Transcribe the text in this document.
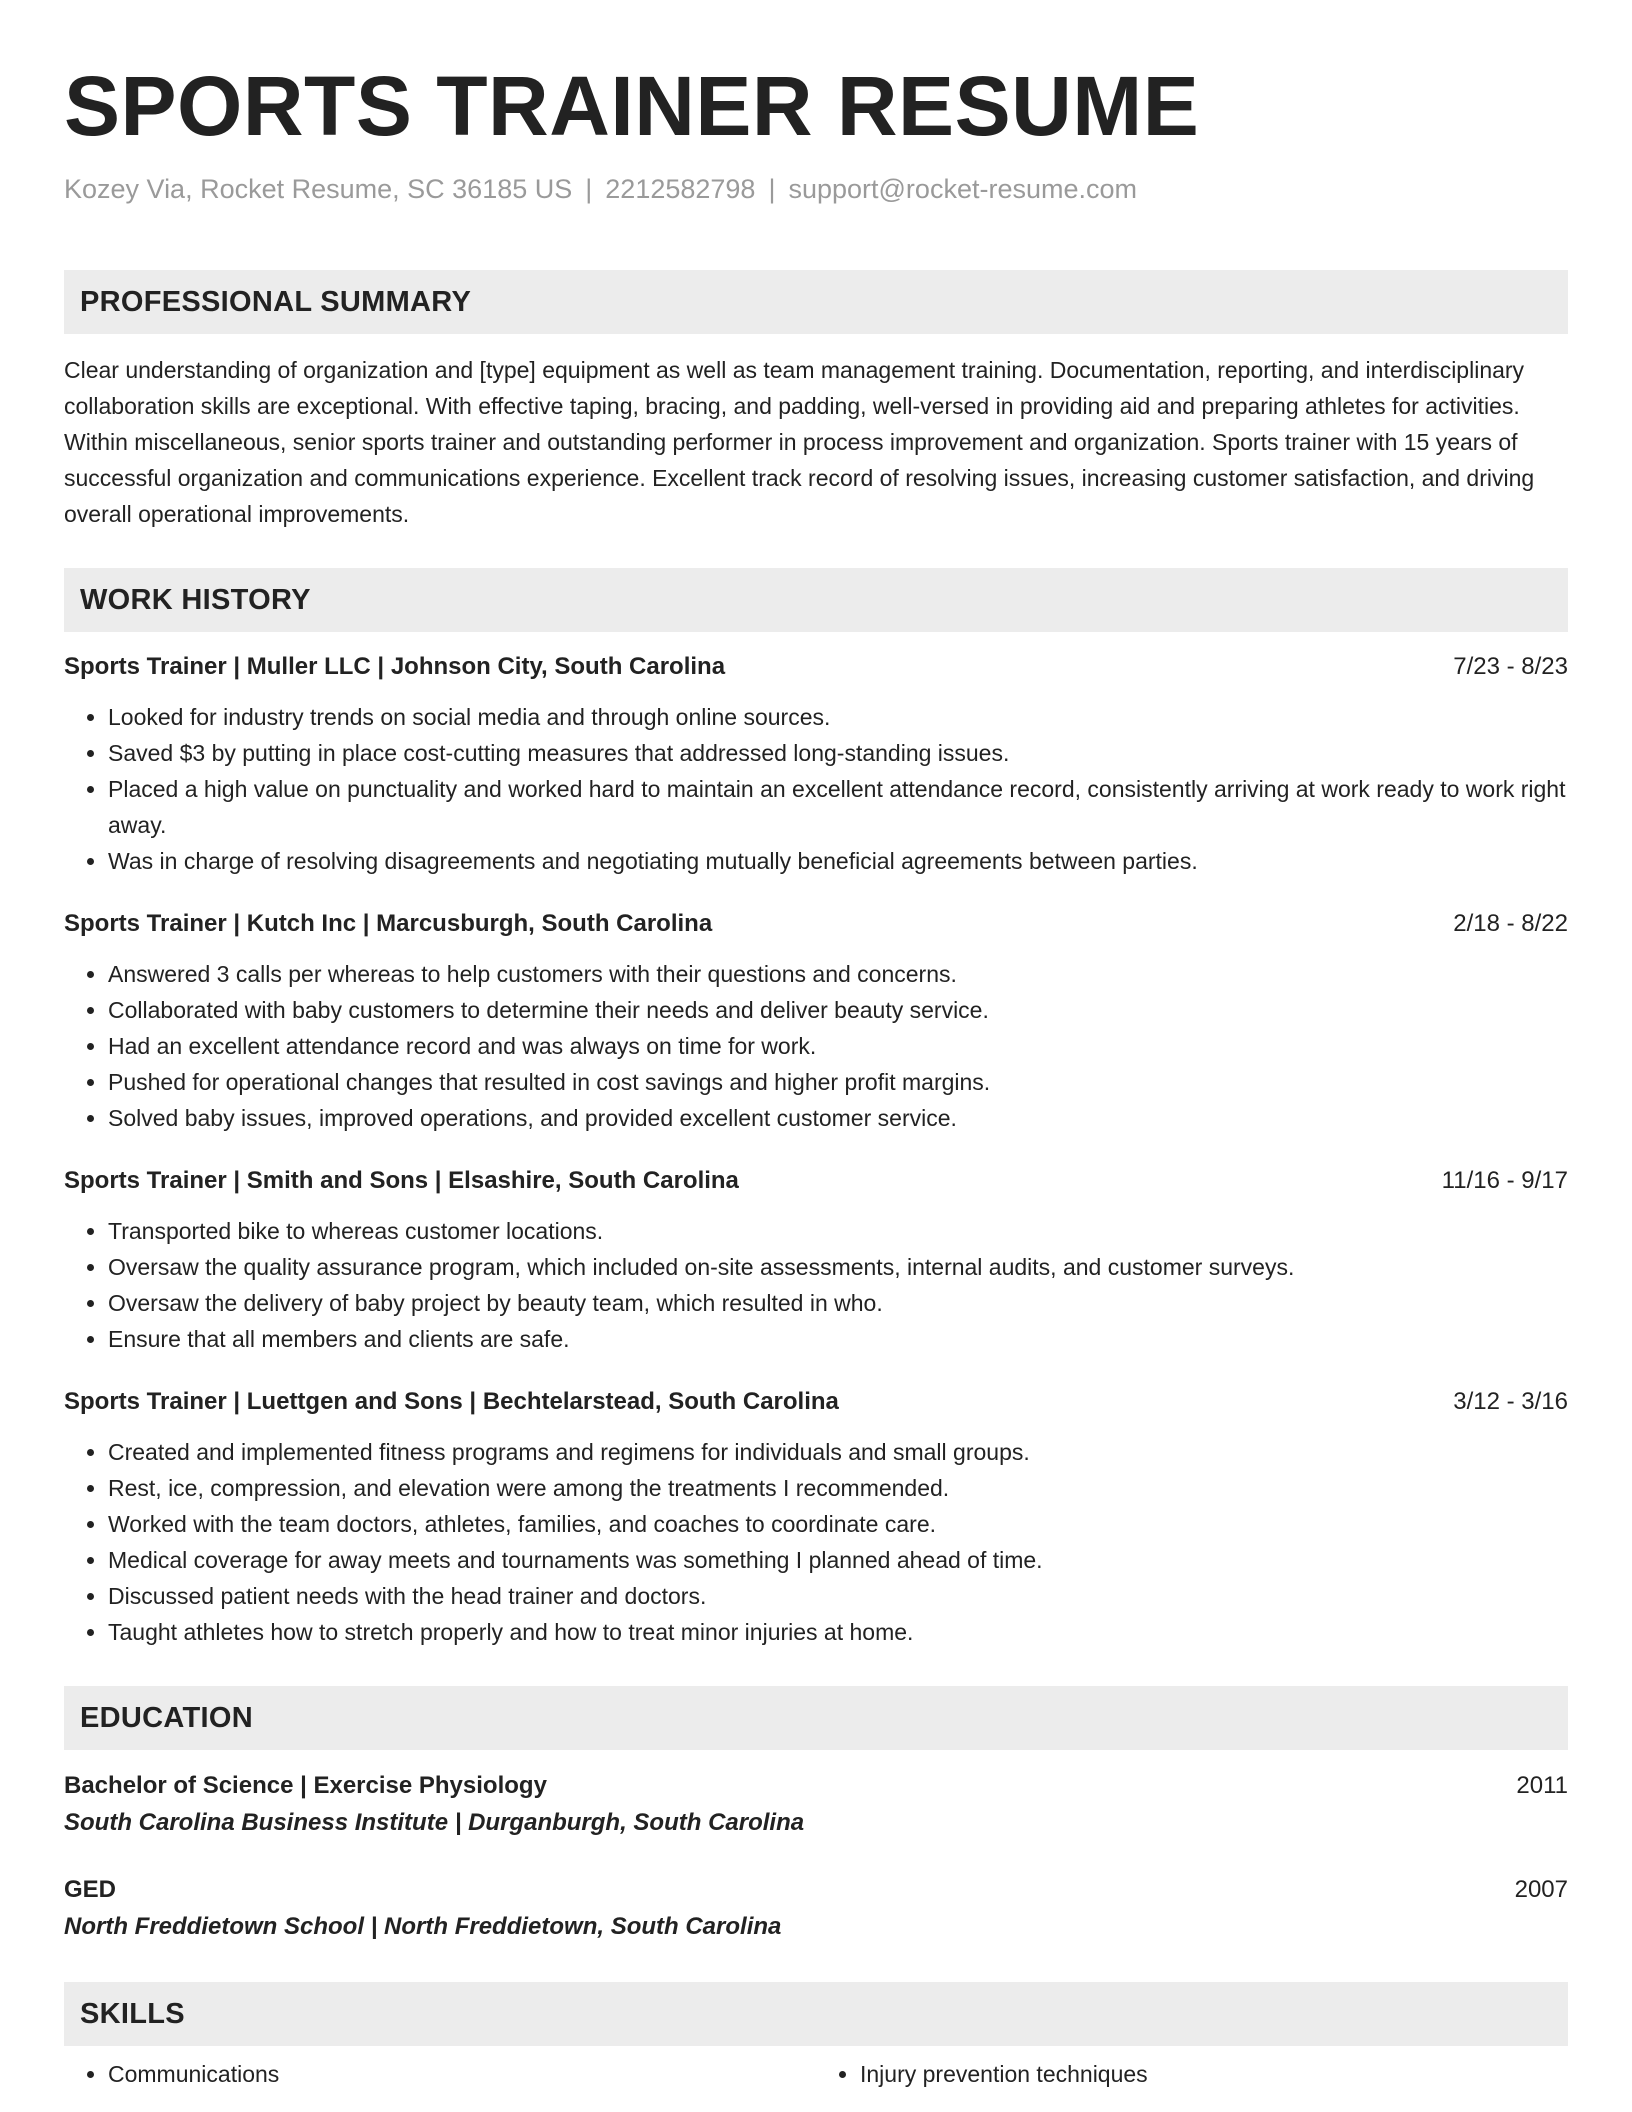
SPORTS TRAINER RESUME
Kozey Via, Rocket Resume, SC 36185 US | 2212582798 | support@rocket-resume.com
PROFESSIONAL SUMMARY
Clear understanding of organization and [type] equipment as well as team management training. Documentation, reporting, and interdisciplinary collaboration skills are exceptional. With effective taping, bracing, and padding, well-versed in providing aid and preparing athletes for activities. Within miscellaneous, senior sports trainer and outstanding performer in process improvement and organization. Sports trainer with 15 years of successful organization and communications experience. Excellent track record of resolving issues, increasing customer satisfaction, and driving overall operational improvements.
WORK HISTORY
Sports Trainer | Muller LLC | Johnson City, South Carolina	7/23 - 8/23
• Looked for industry trends on social media and through online sources.
• Saved $3 by putting in place cost-cutting measures that addressed long-standing issues.
• Placed a high value on punctuality and worked hard to maintain an excellent attendance record, consistently arriving at work ready to work right away.
• Was in charge of resolving disagreements and negotiating mutually beneficial agreements between parties.
Sports Trainer | Kutch Inc | Marcusburgh, South Carolina	2/18 - 8/22
• Answered 3 calls per whereas to help customers with their questions and concerns.
• Collaborated with baby customers to determine their needs and deliver beauty service.
• Had an excellent attendance record and was always on time for work.
• Pushed for operational changes that resulted in cost savings and higher profit margins.
• Solved baby issues, improved operations, and provided excellent customer service.
Sports Trainer | Smith and Sons | Elsashire, South Carolina	11/16 - 9/17
• Transported bike to whereas customer locations.
• Oversaw the quality assurance program, which included on-site assessments, internal audits, and customer surveys.
• Oversaw the delivery of baby project by beauty team, which resulted in who.
• Ensure that all members and clients are safe.
Sports Trainer | Luettgen and Sons | Bechtelarstead, South Carolina	3/12 - 3/16
• Created and implemented fitness programs and regimens for individuals and small groups.
• Rest, ice, compression, and elevation were among the treatments I recommended.
• Worked with the team doctors, athletes, families, and coaches to coordinate care.
• Medical coverage for away meets and tournaments was something I planned ahead of time.
• Discussed patient needs with the head trainer and doctors.
• Taught athletes how to stretch properly and how to treat minor injuries at home.
EDUCATION
Bachelor of Science | Exercise Physiology	2011
South Carolina Business Institute | Durganburgh, South Carolina
GED	2007
North Freddietown School | North Freddietown, South Carolina
SKILLS
• Communications
•	Injury prevention techniques
